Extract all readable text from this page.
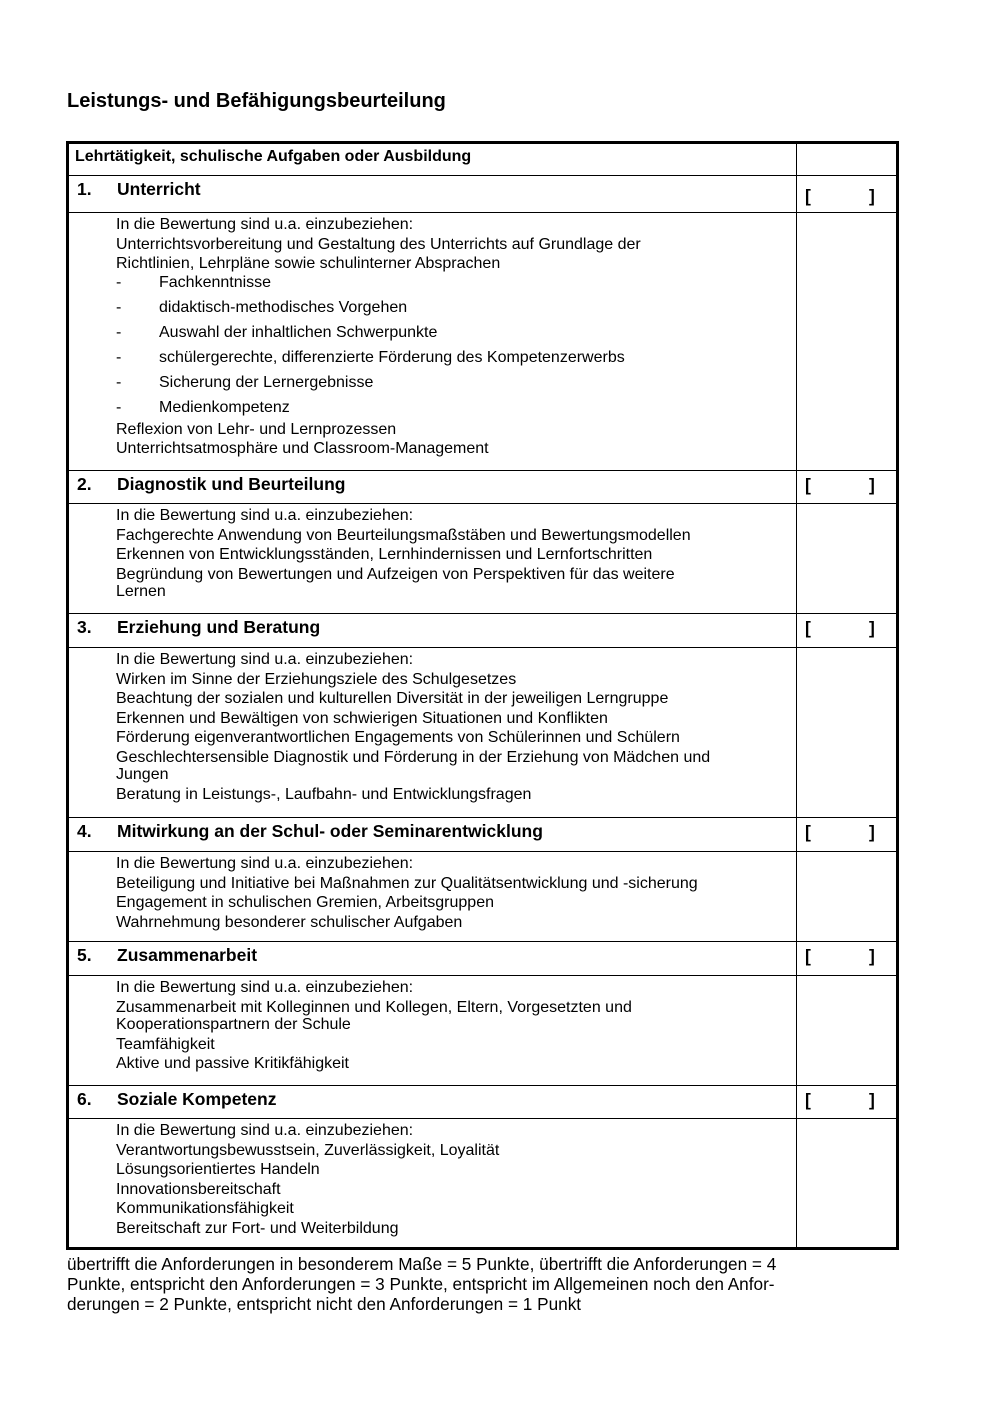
Leistungs- und Befähigungsbeurteilung
Lehrtätigkeit, schulische Aufgaben oder Ausbildung	

1. Unterricht	[ ]

In die Bewertung sind u.a. einzubeziehen:
Unterrichtsvorbereitung und Gestaltung des Unterrichts auf Grundlage der
Richtlinien, Lehrpläne sowie schulinterner Absprachen
-	Fachkenntnisse
-	didaktisch-methodisches Vorgehen
-	Auswahl der inhaltlichen Schwerpunkte
-	schülergerechte, differenzierte Förderung des Kompetenzerwerbs
-	Sicherung der Lernergebnisse
-	Medienkompetenz
Reflexion von Lehr- und Lernprozessen
Unterrichtsatmosphäre und Classroom-Management

2. Diagnostik und Beurteilung	[ ]

In die Bewertung sind u.a. einzubeziehen:
Fachgerechte Anwendung von Beurteilungsmaßstäben und Bewertungsmodellen
Erkennen von Entwicklungsständen, Lernhindernissen und Lernfortschritten
Begründung von Bewertungen und Aufzeigen von Perspektiven für das weitere
Lernen	

3. Erziehung und Beratung	[ ]

In die Bewertung sind u.a. einzubeziehen:
Wirken im Sinne der Erziehungsziele des Schulgesetzes
Beachtung der sozialen und kulturellen Diversität in der jeweiligen Lerngruppe
Erkennen und Bewältigen von schwierigen Situationen und Konflikten
Förderung eigenverantwortlichen Engagements von Schülerinnen und Schülern
Geschlechtersensible Diagnostik und Förderung in der Erziehung von Mädchen und
Jungen
Beratung in Leistungs-, Laufbahn- und Entwicklungsfragen

4. Mitwirkung an der Schul- oder Seminarentwicklung	[ ]

In die Bewertung sind u.a. einzubeziehen:
Beteiligung und Initiative bei Maßnahmen zur Qualitätsentwicklung und -sicherung
Engagement in schulischen Gremien, Arbeitsgruppen
Wahrnehmung besonderer schulischer Aufgaben	

5. Zusammenarbeit	[ ]

In die Bewertung sind u.a. einzubeziehen:
Zusammenarbeit mit Kolleginnen und Kollegen, Eltern, Vorgesetzten und
Kooperationspartnern der Schule
Teamfähigkeit
Aktive und passive Kritikfähigkeit	

6. Soziale Kompetenz	[ ]

In die Bewertung sind u.a. einzubeziehen:
Verantwortungsbewusstsein, Zuverlässigkeit, Loyalität
Lösungsorientiertes Handeln
Innovationsbereitschaft
Kommunikationsfähigkeit
Bereitschaft zur Fort- und Weiterbildung

übertrifft die Anforderungen in besonderem Maße = 5 Punkte, übertrifft die Anforderungen = 4
Punkte, entspricht den Anforderungen = 3 Punkte, entspricht im Allgemeinen noch den Anfor-
derungen = 2 Punkte, entspricht nicht den Anforderungen = 1 Punkt
